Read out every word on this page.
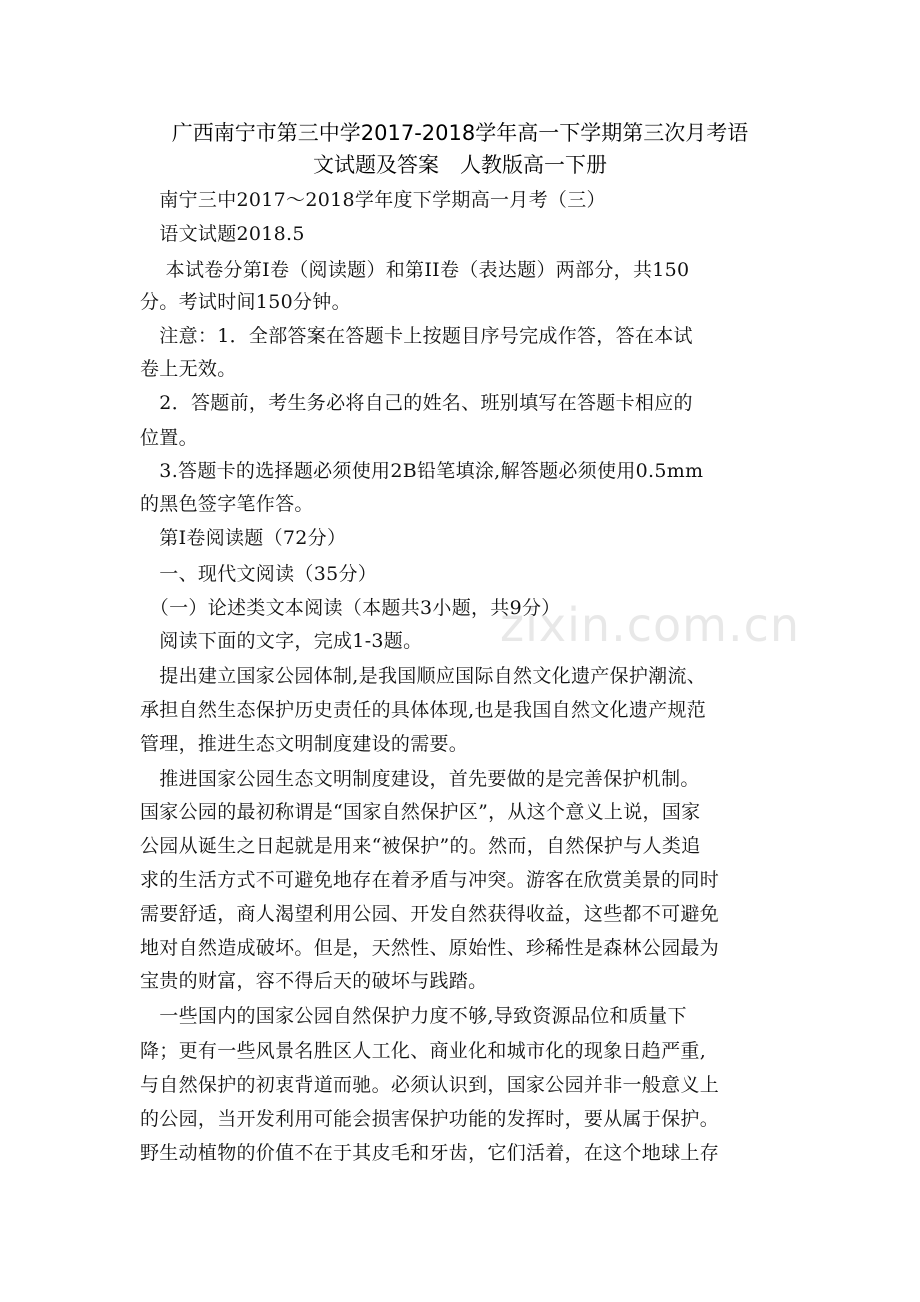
广西南宁市第三中学2017-2018学年高一下学期第三次月考语
文试题及答案　人教版高一下册
　南宁三中2017～2018学年度下学期高一月考（三）
　语文试题2018.5
　 本试卷分第Ⅰ卷（阅读题）和第II卷（表达题）两部分，共150
分。考试时间150分钟。
　注意：1．全部答案在答题卡上按题目序号完成作答，答在本试
卷上无效。
　2．答题前，考生务必将自己的姓名、班别填写在答题卡相应的
位置。
　3.答题卡的选择题必须使用2B铅笔填涂,解答题必须使用0.5mm
的黑色签字笔作答。
　第Ⅰ卷阅读题（72分）
　一、现代文阅读（35分）
　（一）论述类文本阅读（本题共3小题，共9分）
　阅读下面的文字，完成1-3题。
　提出建立国家公园体制,是我国顺应国际自然文化遗产保护潮流、
承担自然生态保护历史责任的具体体现,也是我国自然文化遗产规范
管理，推进生态文明制度建设的需要。
　推进国家公园生态文明制度建设，首先要做的是完善保护机制。
国家公园的最初称谓是“国家自然保护区”，从这个意义上说，国家
公园从诞生之日起就是用来“被保护”的。然而，自然保护与人类追
求的生活方式不可避免地存在着矛盾与冲突。游客在欣赏美景的同时
需要舒适，商人渴望利用公园、开发自然获得收益，这些都不可避免
地对自然造成破坏。但是，天然性、原始性、珍稀性是森林公园最为
宝贵的财富，容不得后天的破坏与践踏。
　一些国内的国家公园自然保护力度不够,导致资源品位和质量下
降；更有一些风景名胜区人工化、商业化和城市化的现象日趋严重,
与自然保护的初衷背道而驰。必须认识到，国家公园并非一般意义上
的公园，当开发利用可能会损害保护功能的发挥时，要从属于保护。
野生动植物的价值不在于其皮毛和牙齿，它们活着，在这个地球上存
zixin.com.cn
